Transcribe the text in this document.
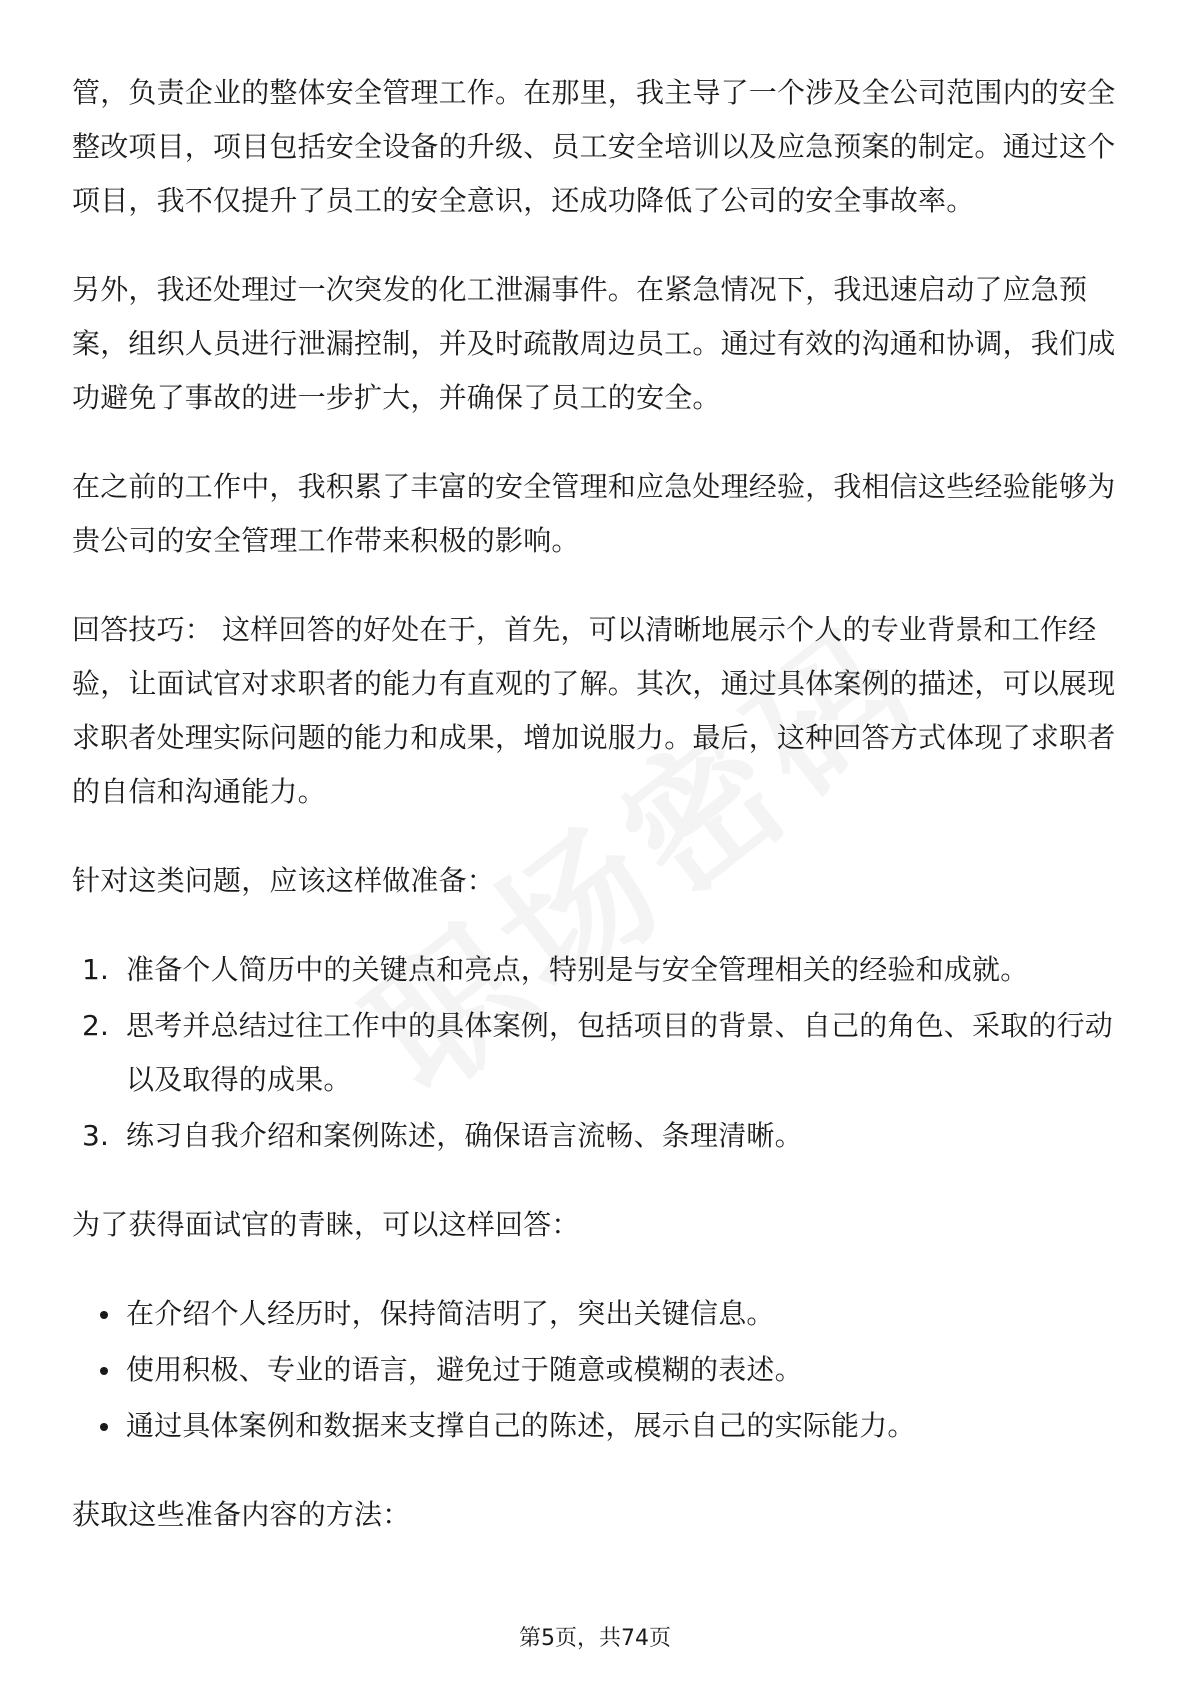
管，负责企业的整体安全管理工作。在那里，我主导了一个涉及全公司范围内的安全整改项目，项目包括安全设备的升级、员工安全培训以及应急预案的制定。通过这个项目，我不仅提升了员工的安全意识，还成功降低了公司的安全事故率。

另外，我还处理过一次突发的化工泄漏事件。在紧急情况下，我迅速启动了应急预案，组织人员进行泄漏控制，并及时疏散周边员工。通过有效的沟通和协调，我们成功避免了事故的进一步扩大，并确保了员工的安全。

在之前的工作中，我积累了丰富的安全管理和应急处理经验，我相信这些经验能够为贵公司的安全管理工作带来积极的影响。

回答技巧： 这样回答的好处在于，首先，可以清晰地展示个人的专业背景和工作经验，让面试官对求职者的能力有直观的了解。其次，通过具体案例的描述，可以展现求职者处理实际问题的能力和成果，增加说服力。最后，这种回答方式体现了求职者的自信和沟通能力。

针对这类问题，应该这样做准备：

1. 准备个人简历中的关键点和亮点，特别是与安全管理相关的经验和成就。
2. 思考并总结过往工作中的具体案例，包括项目的背景、自己的角色、采取的行动以及取得的成果。
3. 练习自我介绍和案例陈述，确保语言流畅、条理清晰。

为了获得面试官的青睐，可以这样回答：

在介绍个人经历时，保持简洁明了，突出关键信息。
使用积极、专业的语言，避免过于随意或模糊的表述。
通过具体案例和数据来支撑自己的陈述，展示自己的实际能力。

获取这些准备内容的方法：

第5页，共74页
